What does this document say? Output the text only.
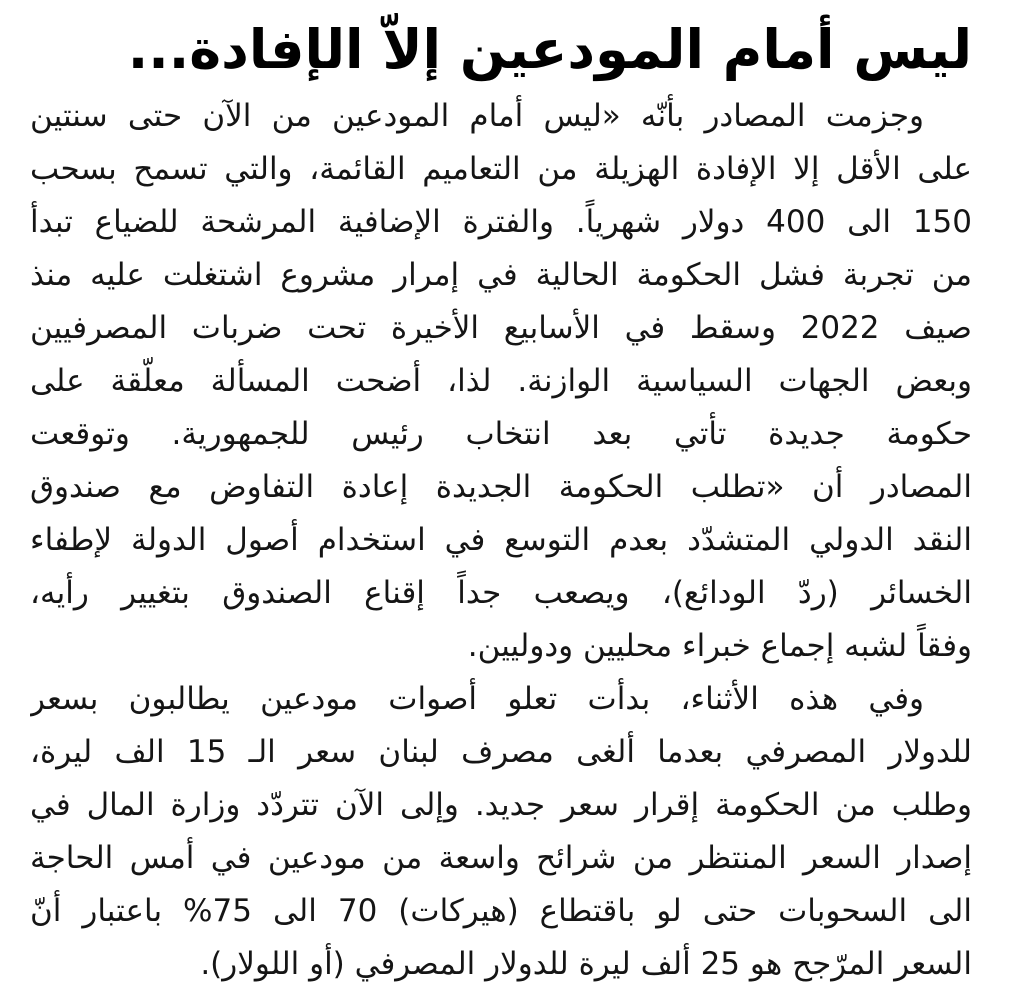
ليس أمام المودعين إلاّ الإفادة...
وجزمت المصادر بأنّه «ليس أمام المودعين من الآن حتى سنتين
على الأقل إلا الإفادة الهزيلة من التعاميم القائمة، والتي تسمح بسحب
150 الى 400 دولار شهرياً. والفترة الإضافية المرشحة للضياع تبدأ
من تجربة فشل الحكومة الحالية في إمرار مشروع اشتغلت عليه منذ
صيف 2022 وسقط في الأسابيع الأخيرة تحت ضربات المصرفيين
وبعض الجهات السياسية الوازنة. لذا، أضحت المسألة معلّقة على
حكومة جديدة تأتي بعد انتخاب رئيس للجمهورية. وتوقعت
المصادر أن «تطلب الحكومة الجديدة إعادة التفاوض مع صندوق
النقد الدولي المتشدّد بعدم التوسع في استخدام أصول الدولة لإطفاء
الخسائر (ردّ الودائع)، ويصعب جداً إقناع الصندوق بتغيير رأيه،
وفقاً لشبه إجماع خبراء محليين ودوليين.
وفي هذه الأثناء، بدأت تعلو أصوات مودعين يطالبون بسعر
للدولار المصرفي بعدما ألغى مصرف لبنان سعر الـ 15 الف ليرة،
وطلب من الحكومة إقرار سعر جديد. وإلى الآن تتردّد وزارة المال في
إصدار السعر المنتظر من شرائح واسعة من مودعين في أمس الحاجة
الى السحوبات حتى لو باقتطاع (هيركات) 70 الى 75% باعتبار أنّ
السعر المرّجح هو 25 ألف ليرة للدولار المصرفي (أو اللولار).
